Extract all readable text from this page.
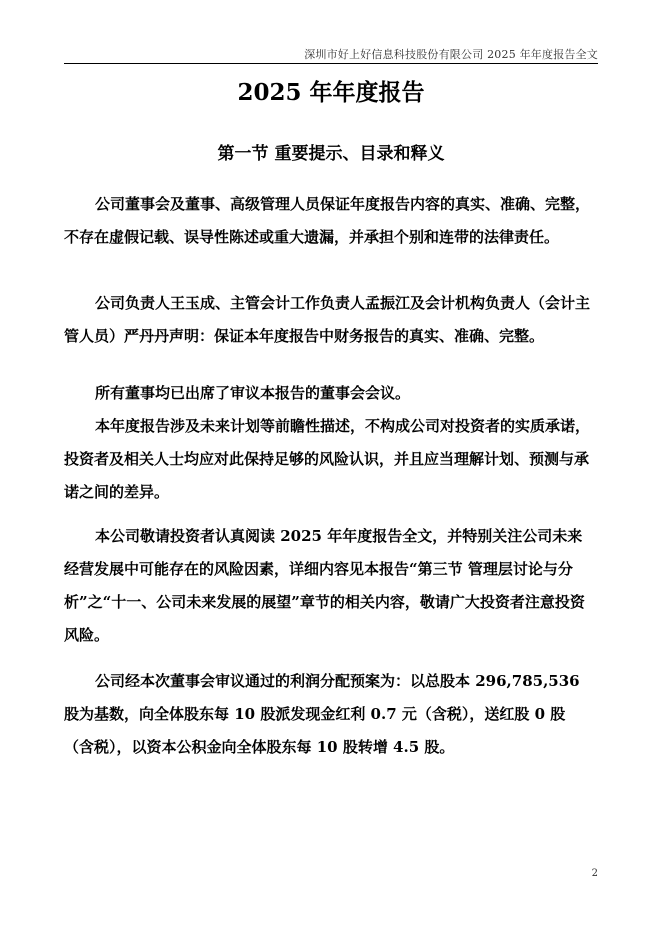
深圳市好上好信息科技股份有限公司 2025 年年度报告全文
2025 年年度报告
第一节 重要提示、目录和释义

公司董事会及董事、高级管理人员保证年度报告内容的真实、准确、完整，不存在虚假记载、误导性陈述或重大遗漏，并承担个别和连带的法律责任。

公司负责人王玉成、主管会计工作负责人孟振江及会计机构负责人（会计主管人员）严丹丹声明：保证本年度报告中财务报告的真实、准确、完整。

所有董事均已出席了审议本报告的董事会会议。

本年度报告涉及未来计划等前瞻性描述，不构成公司对投资者的实质承诺，投资者及相关人士均应对此保持足够的风险认识，并且应当理解计划、预测与承诺之间的差异。

本公司敬请投资者认真阅读 2025 年年度报告全文，并特别关注公司未来经营发展中可能存在的风险因素，详细内容见本报告“第三节 管理层讨论与分析”之“十一、公司未来发展的展望”章节的相关内容，敬请广大投资者注意投资风险。

公司经本次董事会审议通过的利润分配预案为：以总股本 296,785,536 股为基数，向全体股东每 10 股派发现金红利 0.7 元（含税），送红股 0 股（含税），以资本公积金向全体股东每 10 股转增 4.5 股。

2
